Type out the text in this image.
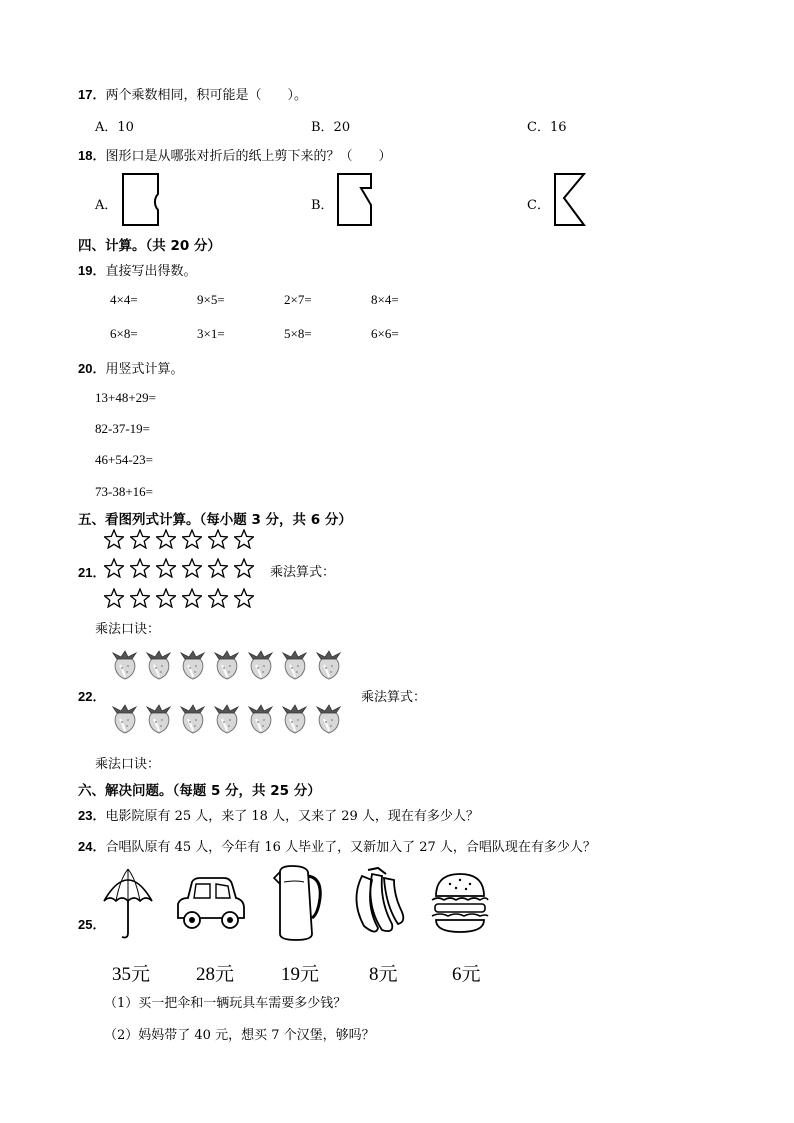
17．两个乘数相同，积可能是（　　）。
A．10	B．20	C．16
18．图形口是从哪张对折后的纸上剪下来的？（　　）
A．	B．	C．
四、计算。（共 20 分）
19．直接写出得数。
4×4=	9×5=	2×7=	8×4=
6×8=	3×1=	5×8=	6×6=
20．用竖式计算。
13+48+29=
82-37-19=
46+54-23=
73-38+16=
五、看图列式计算。（每小题 3 分，共 6 分）
21．	乘法算式：
乘法口诀：
22．	乘法算式：
乘法口诀：
六、解决问题。（每题 5 分，共 25 分）
23．电影院原有 25 人，来了 18 人，又来了 29 人，现在有多少人？
24．合唱队原有 45 人，今年有 16 人毕业了，又新加入了 27 人，合唱队现在有多少人？
25．
35元 28元 19元	8元	6元
（1）买一把伞和一辆玩具车需要多少钱？
（2）妈妈带了 40 元，想买 7 个汉堡，够吗？
